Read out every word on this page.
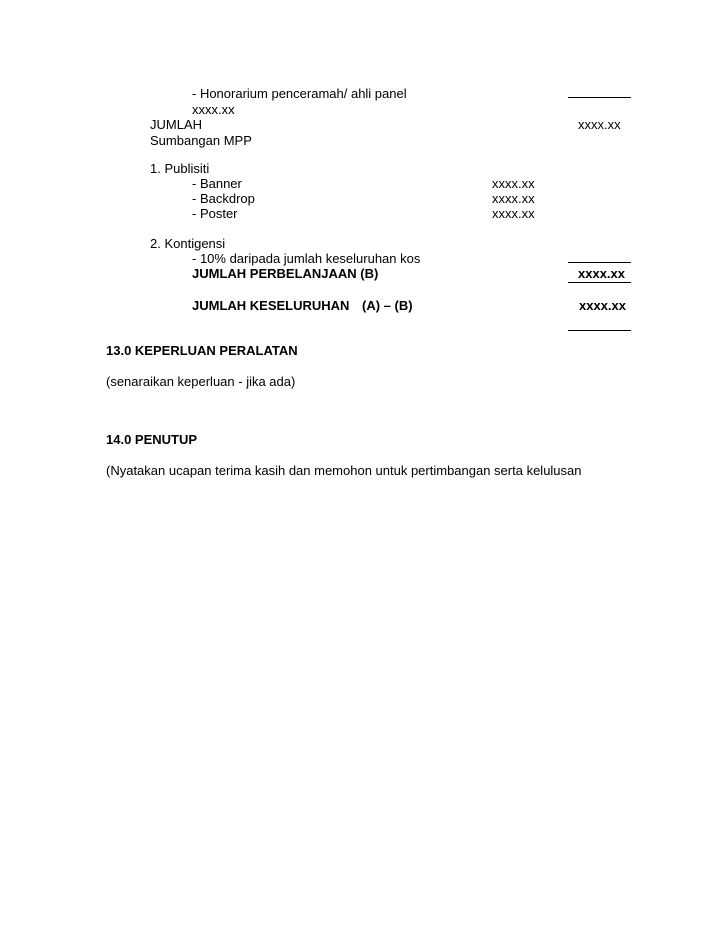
- Honorarium penceramah/ ahli panel
xxxx.xx
JUMLAH	xxxx.xx
Sumbangan MPP
1. Publisiti
- Banner	xxxx.xx
- Backdrop	xxxx.xx
- Poster	xxxx.xx
2. Kontigensi
- 10% daripada jumlah keseluruhan kos
JUMLAH PERBELANJAAN (B)	xxxx.xx
JUMLAH KESELURUHAN (A) – (B)	xxxx.xx
13.0 KEPERLUAN PERALATAN
(senaraikan keperluan - jika ada)
14.0 PENUTUP
(Nyatakan ucapan terima kasih dan memohon untuk pertimbangan serta kelulusan
